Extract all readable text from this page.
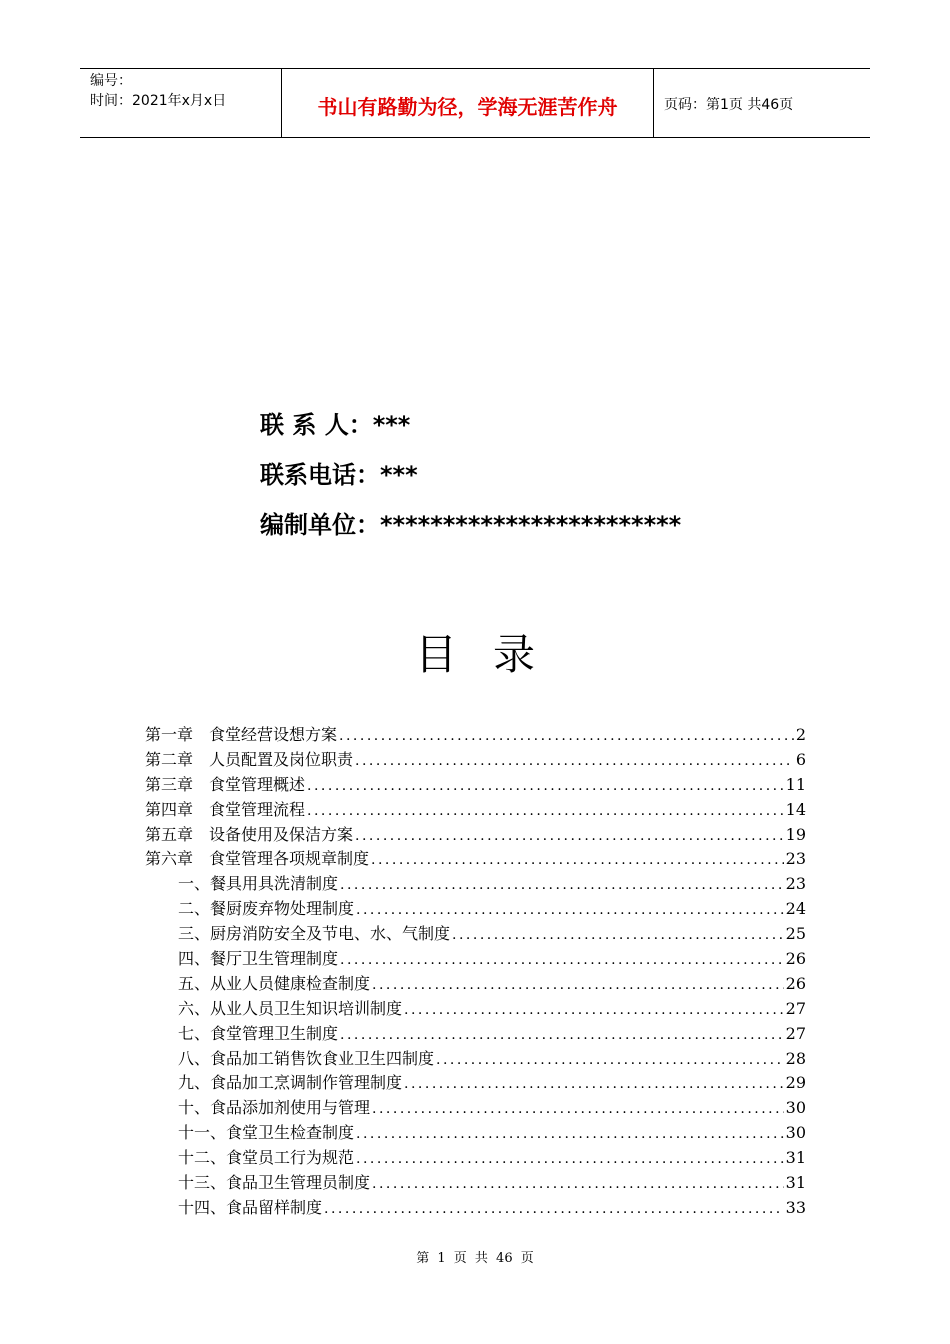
编号：
时间：2021年x月x日	书山有路勤为径，学海无涯苦作舟	页码：第1页 共46页
联 系 人：***
联系电话：***
编制单位：************************
目录
第一章　食堂经营设想方案 .....	2
第二章　人员配置及岗位职责 .....	6
第三章　食堂管理概述 .....	11
第四章　食堂管理流程 .....	14
第五章　设备使用及保洁方案 .....	19
第六章　食堂管理各项规章制度 .....	23
一、餐具用具洗清制度 .....	23
二、餐厨废弃物处理制度 .....	24
三、厨房消防安全及节电、水、气制度 .....	25
四、餐厅卫生管理制度 .....	26
五、从业人员健康检查制度 .....	26
六、从业人员卫生知识培训制度 .....	27
七、食堂管理卫生制度 .....	27
八、食品加工销售饮食业卫生四制度 .....	28
九、食品加工烹调制作管理制度 .....	29
十、食品添加剂使用与管理 .....	30
十一、食堂卫生检查制度 .....	30
十二、食堂员工行为规范 .....	31
十三、食品卫生管理员制度 .....	31
十四、食品留样制度 .....	33
第 1 页 共 46 页
